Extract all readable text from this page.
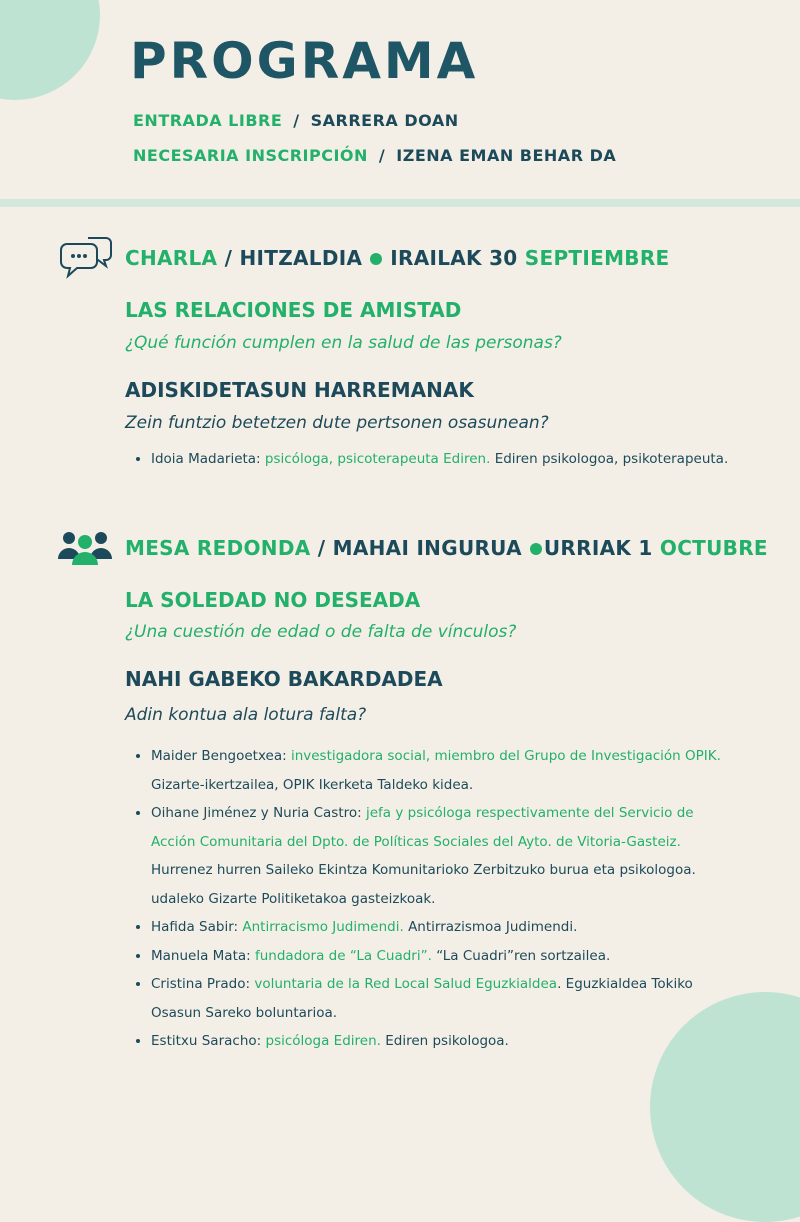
PROGRAMA
ENTRADA LIBRE / SARRERA DOAN
NECESARIA INSCRIPCIÓN / IZENA EMAN BEHAR DA
CHARLA / HITZALDIA IRAILAK 30 SEPTIEMBRE
LAS RELACIONES DE AMISTAD
¿Qué función cumplen en la salud de las personas?
ADISKIDETASUN HARREMANAK
Zein funtzio betetzen dute pertsonen osasunean?
• Idoia Madarieta: psicóloga, psicoterapeuta Ediren. Ediren psikologoa, psikoterapeuta.
MESA REDONDA / MAHAI INGURUA URRIAK 1 OCTUBRE
LA SOLEDAD NO DESEADA
¿Una cuestión de edad o de falta de vínculos?
NAHI GABEKO BAKARDADEA
Adin kontua ala lotura falta?
• Maider Bengoetxea: investigadora social, miembro del Grupo de Investigación OPIK. Gizarte-ikertzailea, OPIK Ikerketa Taldeko kidea.
• Oihane Jiménez y Nuria Castro: jefa y psicóloga respectivamente del Servicio de Acción Comunitaria del Dpto. de Políticas Sociales del Ayto. de Vitoria-Gasteiz. Hurrenez hurren Saileko Ekintza Komunitarioko Zerbitzuko burua eta psikologoa. udaleko Gizarte Politiketakoa gasteizkoak.
• Hafida Sabir: Antirracismo Judimendi. Antirrazismoa Judimendi.
• Manuela Mata: fundadora de “La Cuadri”. “La Cuadri”ren sortzailea.
• Cristina Prado: voluntaria de la Red Local Salud Eguzkialdea. Eguzkialdea Tokiko Osasun Sareko boluntarioa.
• Estitxu Saracho: psicóloga Ediren. Ediren psikologoa.
